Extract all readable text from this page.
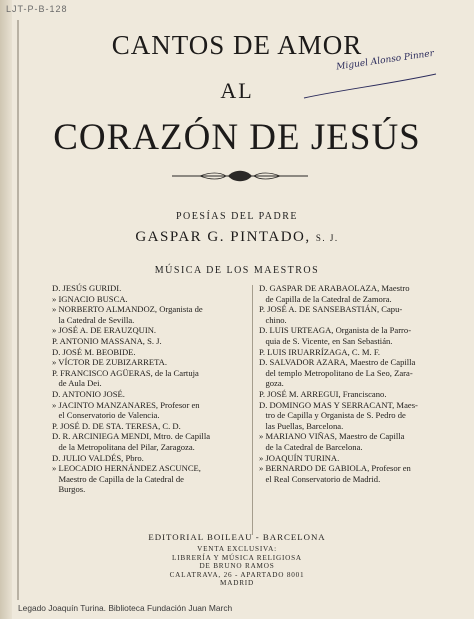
LJT-P-B-128
CANTOS DE AMOR
AL
CORAZÓN DE JESÚS
Miguel Alonso Pinner
POESÍAS DEL PADRE
GASPAR G. PINTADO, S. J.
MÚSICA DE LOS MAESTROS

D. JESÚS GURIDI.

» IGNACIO BUSCA.

» NORBERTO ALMANDOZ, Organista de

la Catedral de Sevilla.

» JOSÉ A. DE ERAUZQUIN.

P. ANTONIO MASSANA, S. J.

D. JOSÉ M. BEOBIDE.

» VÍCTOR DE ZUBIZARRETA.

P. FRANCISCO AGÜERAS, de la Cartuja

de Aula Dei.

D. ANTONIO JOSÉ.

» JACINTO MANZANARES, Profesor en

el Conservatorio de Valencia.

P. JOSÉ D. DE STA. TERESA, C. D.

D. R. ARCINIEGA MENDI, Mtro. de Capilla

de la Metropolitana del Pilar, Zaragoza.

D. JULIO VALDÉS, Pbro.

» LEOCADIO HERNÁNDEZ ASCUNCE,

Maestro de Capilla de la Catedral de

Burgos.

D. GASPAR DE ARABAOLAZA, Maestro

de Capilla de la Catedral de Zamora.

P. JOSÉ A. DE SANSEBASTIÁN, Capu-

chino.

D. LUIS URTEAGA, Organista de la Parro-

quia de S. Vicente, en San Sebastián.

P. LUIS IRUARRÍZAGA, C. M. F.

D. SALVADOR AZARA, Maestro de Capilla

del templo Metropolitano de La Seo, Zara-

goza.

P. JOSÉ M. ARREGUI, Franciscano.

D. DOMINGO MAS Y SERRACANT, Maes-

tro de Capilla y Organista de S. Pedro de

las Puellas, Barcelona.

» MARIANO VIÑAS, Maestro de Capilla

de la Catedral de Barcelona.

» JOAQUÍN TURINA.

» BERNARDO DE GABIOLA, Profesor en

el Real Conservatorio de Madrid.

EDITORIAL BOILEAU - BARCELONA
VENTA EXCLUSIVA:
LIBRERÍA Y MÚSICA RELIGIOSA
DE BRUNO RAMOS
CALATRAVA, 26 - APARTADO 8001
MADRID
Legado Joaquín Turina. Biblioteca Fundación Juan March
